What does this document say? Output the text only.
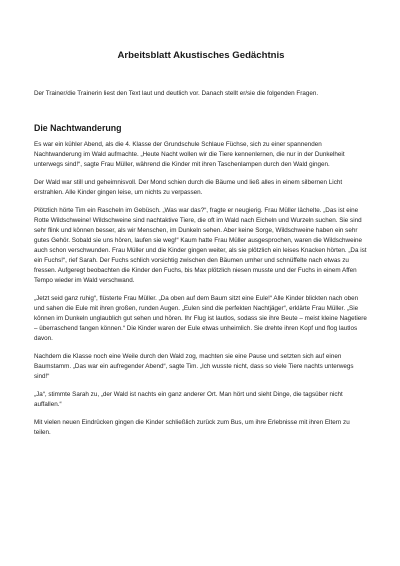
Arbeitsblatt Akustisches Gedächtnis
Der Trainer/die Trainerin liest den Text laut und deutlich vor. Danach stellt er/sie die folgenden Fragen.
Die Nachtwanderung
Es war ein kühler Abend, als die 4. Klasse der Grundschule Schlaue Füchse, sich zu einer spannenden Nachtwanderung im Wald aufmachte. „Heute Nacht wollen wir die Tiere kennenlernen, die nur in der Dunkelheit unterwegs sind!“, sagte Frau Müller, während die Kinder mit ihren Taschenlampen durch den Wald gingen.
Der Wald war still und geheimnisvoll. Der Mond schien durch die Bäume und ließ alles in einem silbernen Licht erstrahlen. Alle Kinder gingen leise, um nichts zu verpassen.
Plötzlich hörte Tim ein Rascheln im Gebüsch. „Was war das?“, fragte er neugierig. Frau Müller lächelte. „Das ist eine Rotte Wildschweine! Wildschweine sind nachtaktive Tiere, die oft im Wald nach Eicheln und Wurzeln suchen. Sie sind sehr flink und können besser, als wir Menschen, im Dunkeln sehen. Aber keine Sorge, Wildschweine haben ein sehr gutes Gehör. Sobald sie uns hören, laufen sie weg!“ Kaum hatte Frau Müller ausgesprochen, waren die Wildschweine auch schon verschwunden. Frau Müller und die Kinder gingen weiter, als sie plötzlich ein leises Knacken hörten. „Da ist ein Fuchs!“, rief Sarah. Der Fuchs schlich vorsichtig zwischen den Bäumen umher und schnüffelte nach etwas zu fressen. Aufgeregt beobachten die Kinder den Fuchs, bis Max plötzlich niesen musste und der Fuchs in einem Affen Tempo wieder im Wald verschwand.
„Jetzt seid ganz ruhig“, flüsterte Frau Müller. „Da oben auf dem Baum sitzt eine Eule!“ Alle Kinder blickten nach oben und sahen die Eule mit ihren großen, runden Augen. „Eulen sind die perfekten Nachtjäger“, erklärte Frau Müller. „Sie können im Dunkeln unglaublich gut sehen und hören. Ihr Flug ist lautlos, sodass sie ihre Beute – meist kleine Nagetiere – überraschend fangen können.“ Die Kinder waren der Eule etwas unheimlich. Sie drehte ihren Kopf und flog lautlos davon.
Nachdem die Klasse noch eine Weile durch den Wald zog, machten sie eine Pause und setzten sich auf einen Baumstamm. „Das war ein aufregender Abend“, sagte Tim. „Ich wusste nicht, dass so viele Tiere nachts unterwegs sind!“
„Ja“, stimmte Sarah zu, „der Wald ist nachts ein ganz anderer Ort. Man hört und sieht Dinge, die tagsüber nicht auffallen.“
Mit vielen neuen Eindrücken gingen die Kinder schließlich zurück zum Bus, um ihre Erlebnisse mit ihren Eltern zu teilen.
